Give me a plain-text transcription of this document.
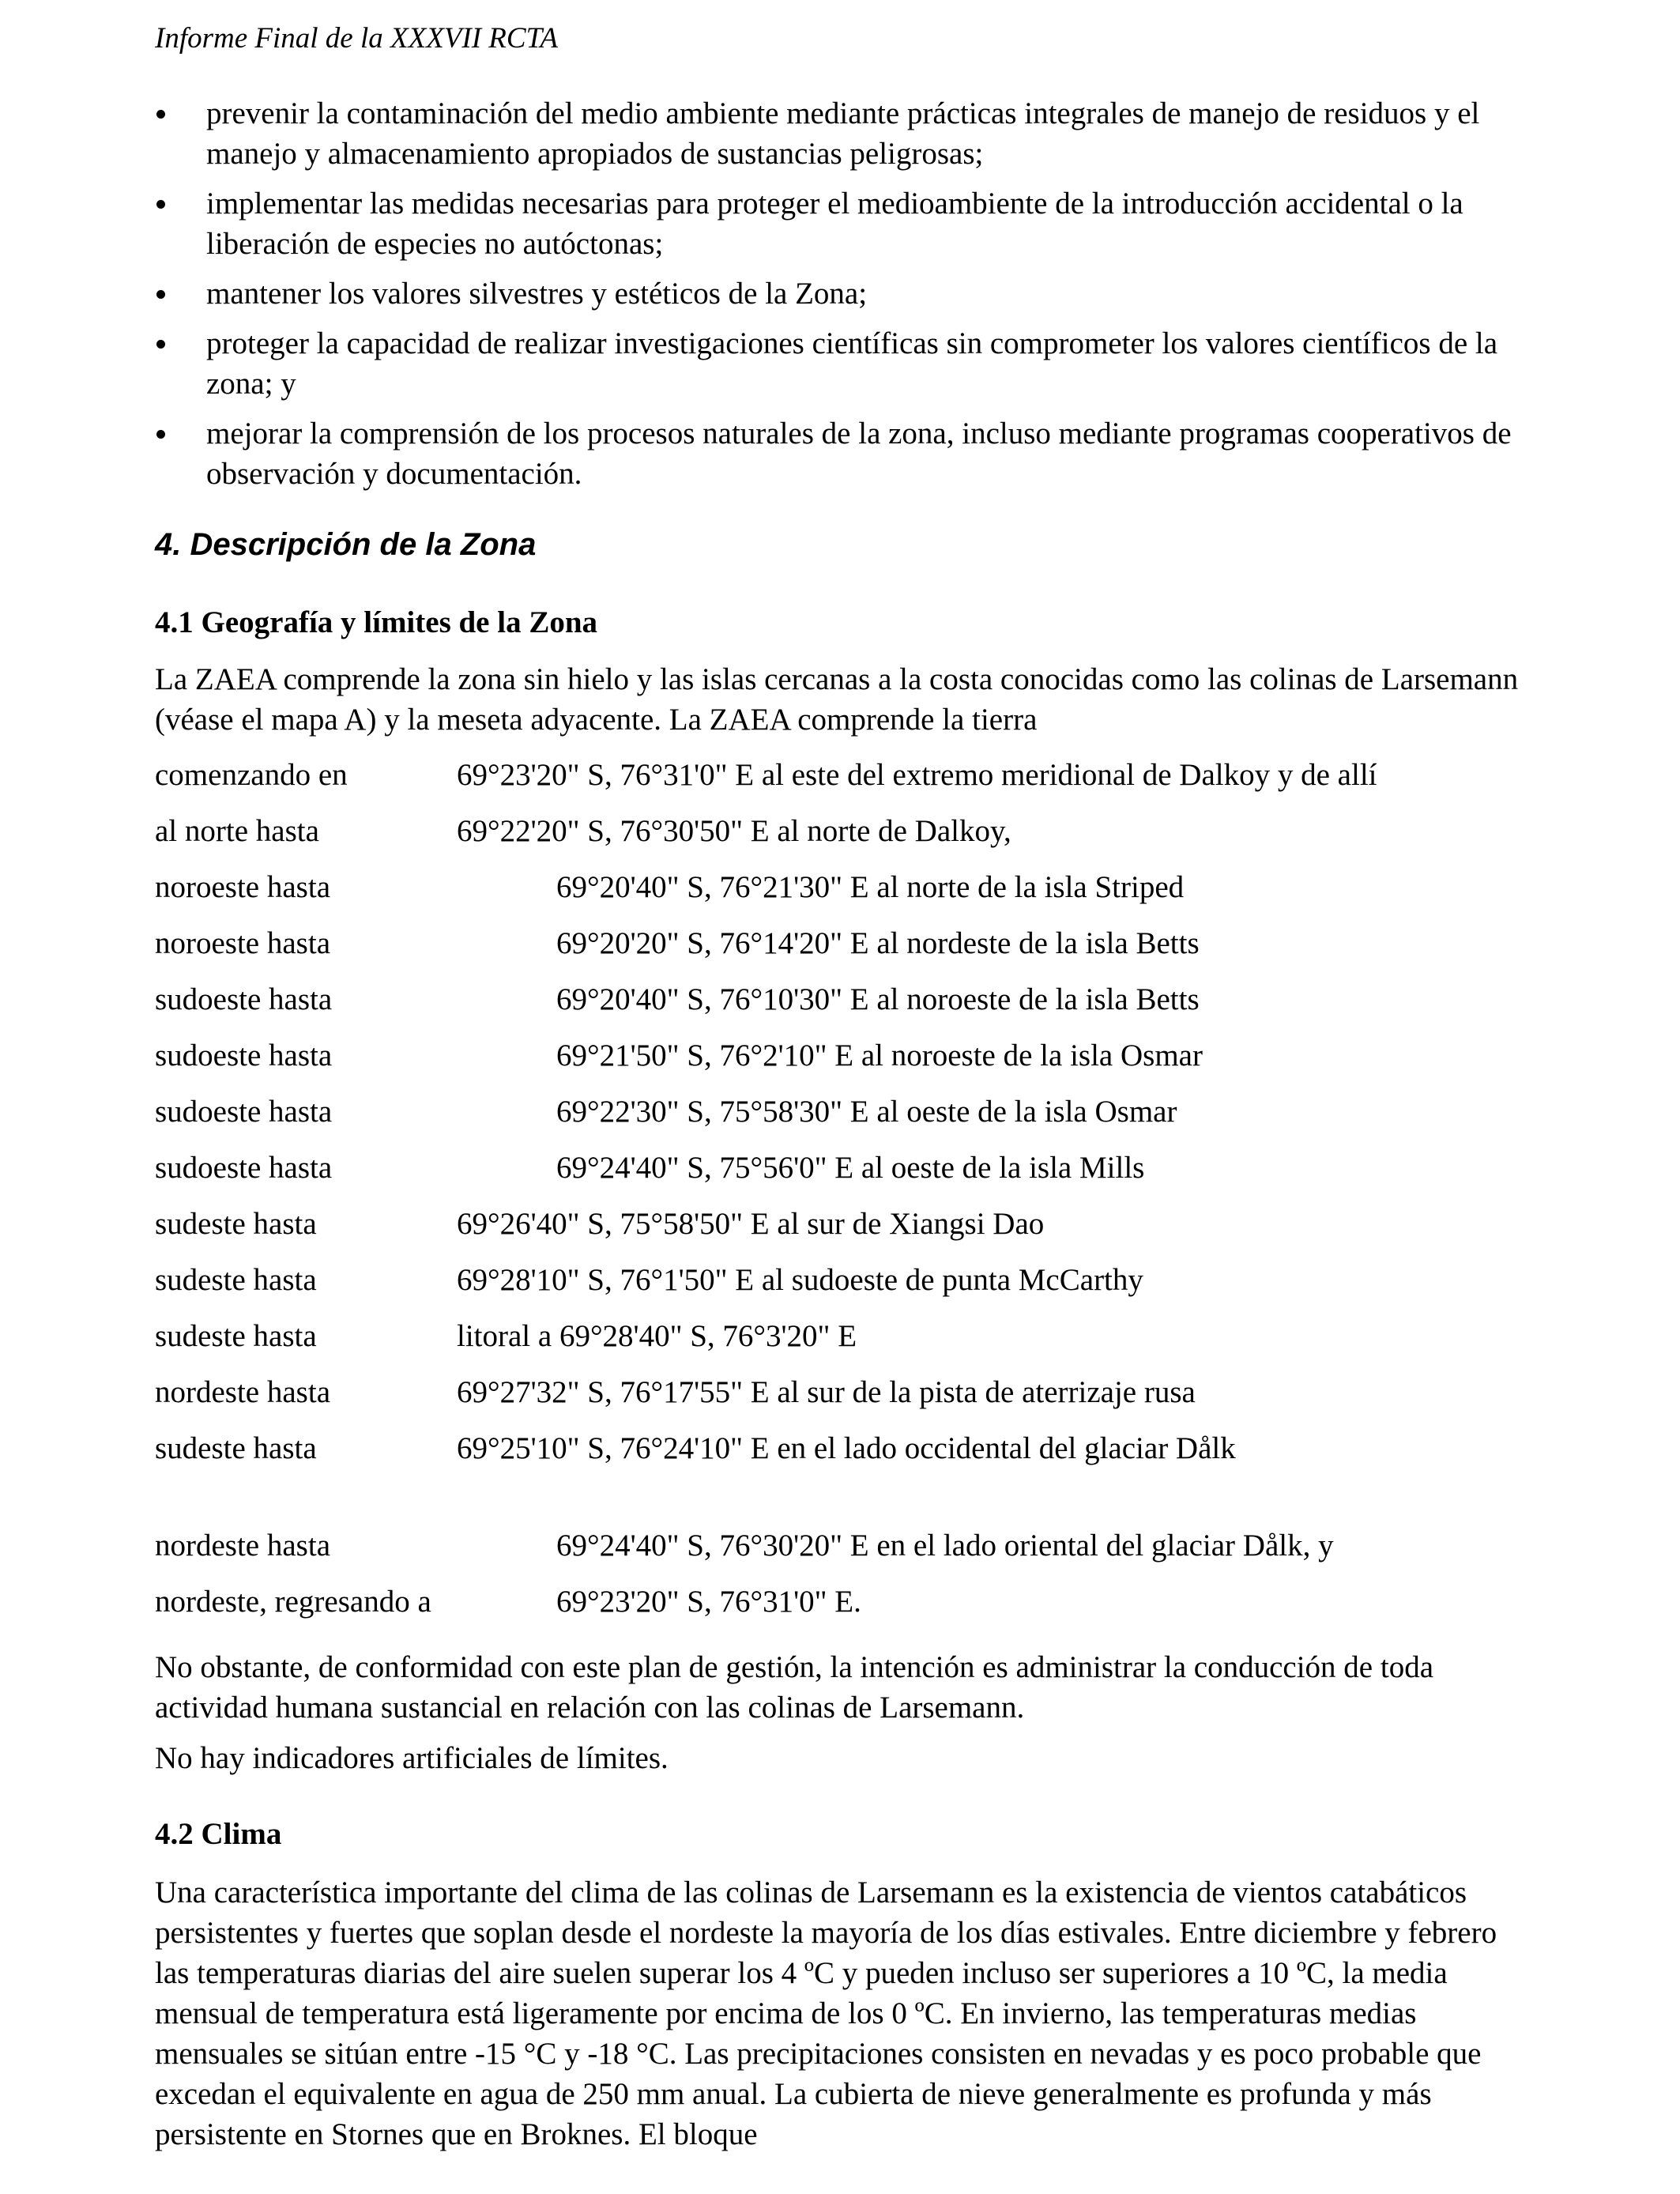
Informe Final de la XXXVII RCTA
prevenir la contaminación del medio ambiente mediante prácticas integrales de manejo de residuos y el manejo y almacenamiento apropiados de sustancias peligrosas;
implementar las medidas necesarias para proteger el medioambiente de la introducción accidental o la liberación de especies no autóctonas;
mantener los valores silvestres y estéticos de la Zona;
proteger la capacidad de realizar investigaciones científicas sin comprometer los valores científicos de la zona; y
mejorar la comprensión de los procesos naturales de la zona, incluso mediante programas cooperativos de observación y documentación.
4. Descripción de la Zona
4.1 Geografía y límites de la Zona

La ZAEA comprende la zona sin hielo y las islas cercanas a la costa conocidas como las colinas de Larsemann (véase el mapa A) y la meseta adyacente. La ZAEA comprende la tierra

comenzando en	69°23'20" S, 76°31'0" E al este del extremo meridional de Dalkoy y de allí
al norte hasta	69°22'20" S, 76°30'50" E al norte de Dalkoy,
noroeste hasta	69°20'40" S, 76°21'30" E al norte de la isla Striped
noroeste hasta	69°20'20" S, 76°14'20" E al nordeste de la isla Betts
sudoeste hasta	69°20'40" S, 76°10'30" E al noroeste de la isla Betts
sudoeste hasta	69°21'50" S, 76°2'10" E al noroeste de la isla Osmar
sudoeste hasta	69°22'30" S, 75°58'30" E al oeste de la isla Osmar
sudoeste hasta	69°24'40" S, 75°56'0" E al oeste de la isla Mills
sudeste hasta	69°26'40" S, 75°58'50" E al sur de Xiangsi Dao
sudeste hasta	69°28'10" S, 76°1'50" E al sudoeste de punta McCarthy
sudeste hasta	litoral a 69°28'40" S, 76°3'20" E
nordeste hasta	69°27'32" S, 76°17'55" E al sur de la pista de aterrizaje rusa
sudeste hasta	69°25'10" S, 76°24'10" E en el lado occidental del glaciar Dålk
nordeste hasta	69°24'40" S, 76°30'20" E en el lado oriental del glaciar Dålk, y
nordeste, regresando a	69°23'20" S, 76°31'0" E.

No obstante, de conformidad con este plan de gestión, la intención es administrar la conducción de toda actividad humana sustancial en relación con las colinas de Larsemann.

No hay indicadores artificiales de límites.

4.2 Clima

Una característica importante del clima de las colinas de Larsemann es la existencia de vientos catabáticos persistentes y fuertes que soplan desde el nordeste la mayoría de los días estivales. Entre diciembre y febrero las temperaturas diarias del aire suelen superar los 4 ºC y pueden incluso ser superiores a 10 ºC, la media mensual de temperatura está ligeramente por encima de los 0 ºC. En invierno, las temperaturas medias mensuales se sitúan entre -15 °C y -18 °C. Las precipitaciones consisten en nevadas y es poco probable que excedan el equivalente en agua de 250 mm anual. La cubierta de nieve generalmente es profunda y más persistente en Stornes que en Broknes. El bloque
